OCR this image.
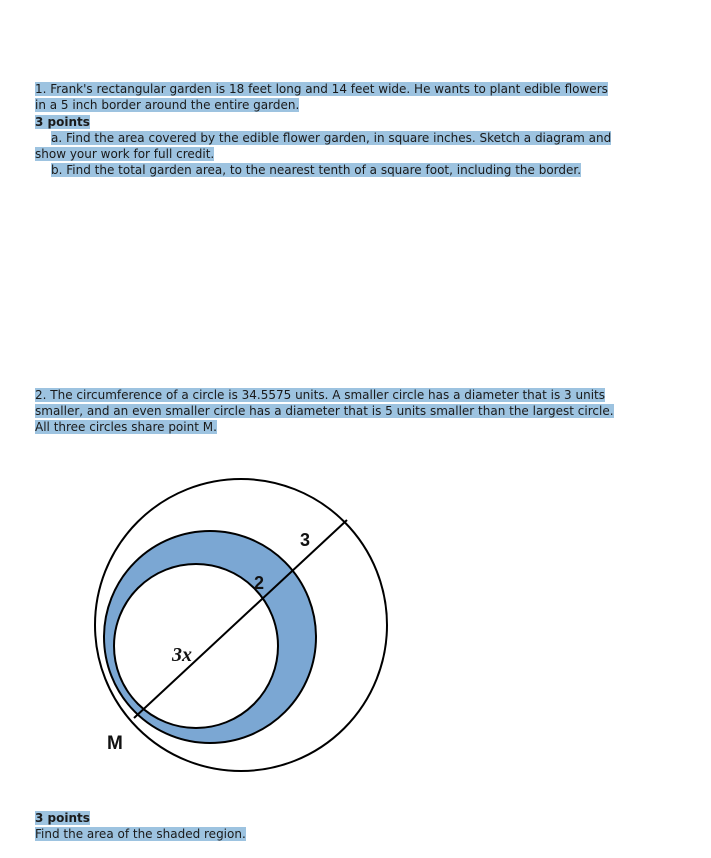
1. Frank's rectangular garden is 18 feet long and 14 feet wide. He wants to plant edible flowers
in a 5 inch border around the entire garden.
3 points
a. Find the area covered by the edible flower garden, in square inches. Sketch a diagram and
show your work for full credit.
b. Find the total garden area, to the nearest tenth of a square foot, including the border.
2. The circumference of a circle is 34.5575 units. A smaller circle has a diameter that is 3 units
smaller, and an even smaller circle has a diameter that is 5 units smaller than the largest circle.
All three circles share point M.
3
2
3x
M
3 points
Find the area of the shaded region.
